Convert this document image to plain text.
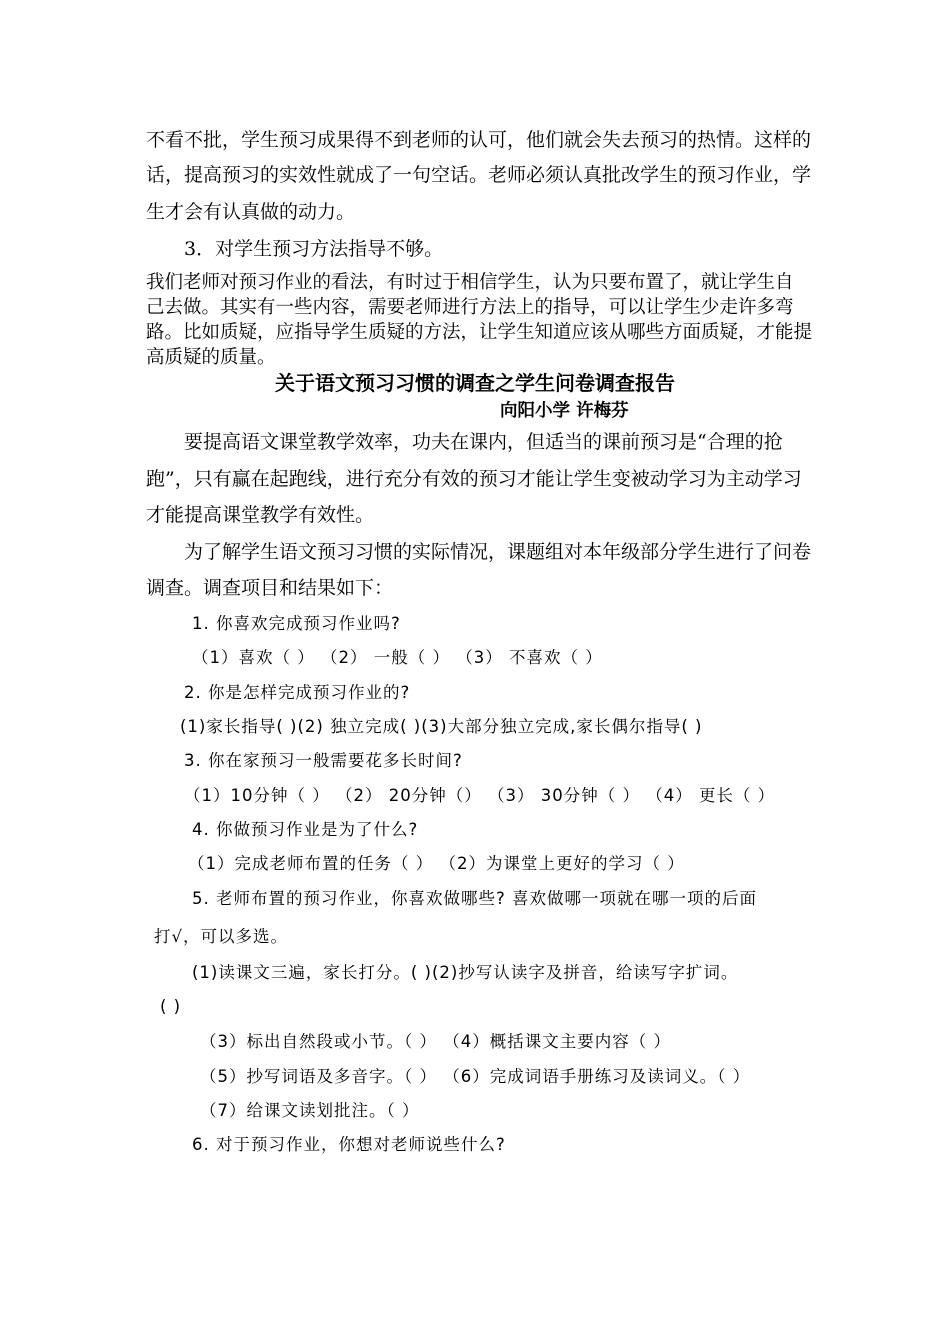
不看不批，学生预习成果得不到老师的认可，他们就会失去预习的热情。这样的
话，提高预习的实效性就成了一句空话。老师必须认真批改学生的预习作业，学
生才会有认真做的动力。
3．对学生预习方法指导不够。
我们老师对预习作业的看法，有时过于相信学生，认为只要布置了，就让学生自
己去做。其实有一些内容，需要老师进行方法上的指导，可以让学生少走许多弯
路。比如质疑，应指导学生质疑的方法，让学生知道应该从哪些方面质疑，才能提
高质疑的质量。
关于语文预习习惯的调查之学生问卷调查报告
向阳小学 许梅芬
要提高语文课堂教学效率，功夫在课内，但适当的课前预习是“合理的抢
跑”，只有赢在起跑线，进行充分有效的预习才能让学生变被动学习为主动学习
才能提高课堂教学有效性。
为了解学生语文预习习惯的实际情况，课题组对本年级部分学生进行了问卷
调查。调查项目和结果如下：
1. 你喜欢完成预习作业吗?
（1）喜欢（ ） （2） 一般（ ） （3） 不喜欢（ ）
2. 你是怎样完成预习作业的?
(1)家长指导( )(2) 独立完成( )(3)大部分独立完成,家长偶尔指导( )
3. 你在家预习一般需要花多长时间?
（1）10分钟（ ） （2） 20分钟（） （3） 30分钟（ ） （4） 更长（ ）
4. 你做预习作业是为了什么?
（1）完成老师布置的任务（ ） （2）为课堂上更好的学习（ ）
5. 老师布置的预习作业，你喜欢做哪些? 喜欢做哪一项就在哪一项的后面
打√，可以多选。
(1)读课文三遍，家长打分。( )(2)抄写认读字及拼音，给读写字扩词。
( )
（3）标出自然段或小节。（ ） （4）概括课文主要内容（ ）
（5）抄写词语及多音字。（ ） （6）完成词语手册练习及读词义。（ ）
（7）给课文读划批注。（ ）
6. 对于预习作业，你想对老师说些什么?
